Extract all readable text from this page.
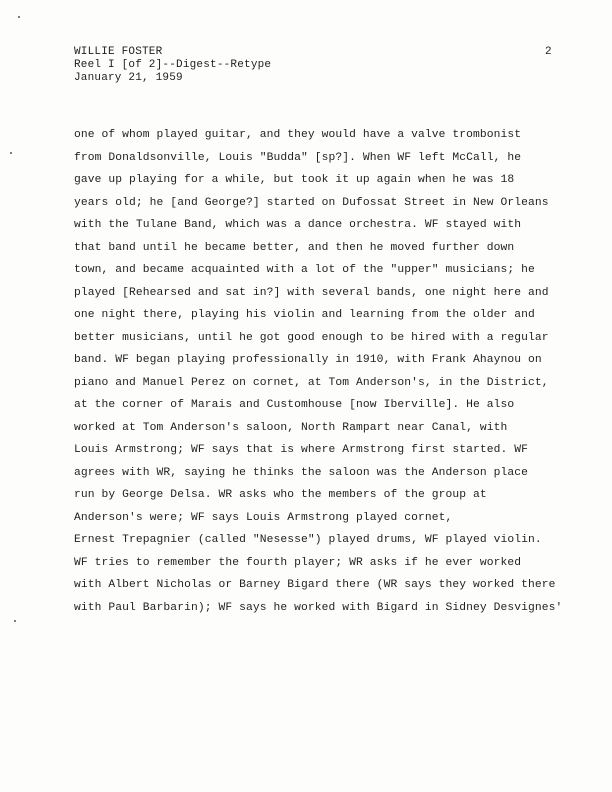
WILLIE FOSTER
Reel I [of 2]--Digest--Retype
January 21, 1959
2
one of whom played guitar, and they would have a valve trombonist
from Donaldsonville, Louis "Budda" [sp?]. When WF left McCall, he
gave up playing for a while, but took it up again when he was 18
years old; he [and George?] started on Dufossat Street in New Orleans
with the Tulane Band, which was a dance orchestra. WF stayed with
that band until he became better, and then he moved further down
town, and became acquainted with a lot of the "upper" musicians; he
played [Rehearsed and sat in?] with several bands, one night here and
one night there, playing his violin and learning from the older and
better musicians, until he got good enough to be hired with a regular
band. WF began playing professionally in 1910, with Frank Ahaynou on
piano and Manuel Perez on cornet, at Tom Anderson's, in the District,
at the corner of Marais and Customhouse [now Iberville]. He also
worked at Tom Anderson's saloon, North Rampart near Canal, with
Louis Armstrong; WF says that is where Armstrong first started. WF
agrees with WR, saying he thinks the saloon was the Anderson place
run by George Delsa. WR asks who the members of the group at
Anderson's were; WF says Louis Armstrong played cornet,
Ernest Trepagnier (called "Nesesse") played drums, WF played violin.
WF tries to remember the fourth player; WR asks if he ever worked
with Albert Nicholas or Barney Bigard there (WR says they worked there
with Paul Barbarin); WF says he worked with Bigard in Sidney Desvignes'
